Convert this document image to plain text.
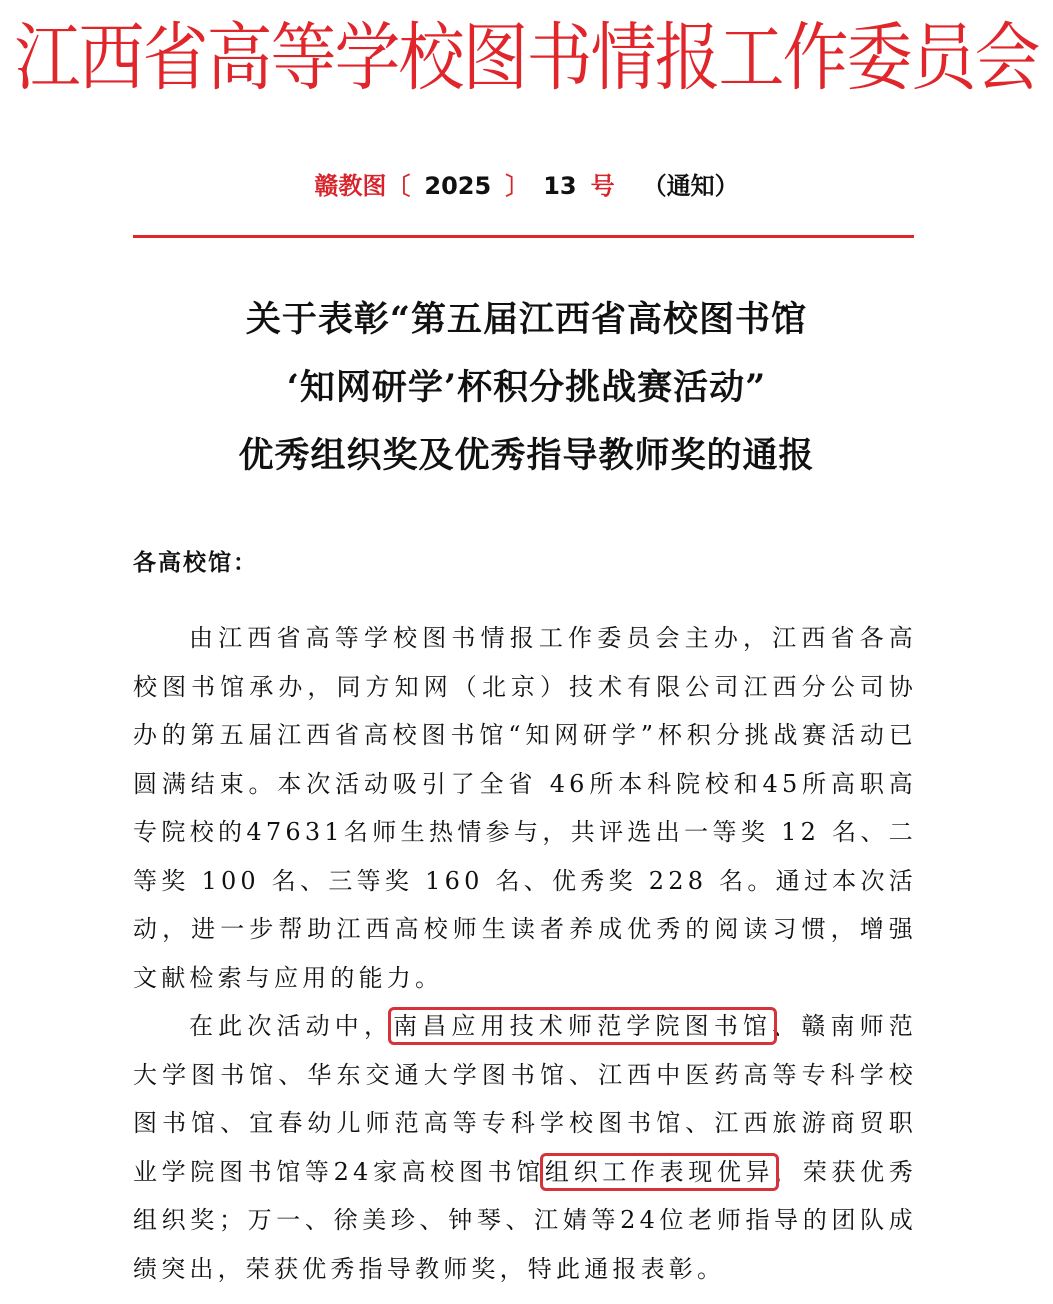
江西省高等学校图书情报工作委员会
赣教图〔 2025 〕 13 号 （通知）
关于表彰“第五届江西省高校图书馆
‘知网研学’杯积分挑战赛活动”
优秀组织奖及优秀指导教师奖的通报
各高校馆：

由江西省高等学校图书情报工作委员会主办，江西省各高校图书馆承办，同方知网（北京）技术有限公司江西分公司协办的第五届江西省高校图书馆“知网研学”杯积分挑战赛活动已圆满结束。本次活动吸引了全省 46所本科院校和45所高职高专院校的47631名师生热情参与，共评选出一等奖 12 名、二等奖 100 名、三等奖 160 名、优秀奖 228 名。通过本次活动，进一步帮助江西高校师生读者养成优秀的阅读习惯，增强文献检索与应用的能力。

在此次活动中，南昌应用技术师范学院图书馆、赣南师范大学图书馆、华东交通大学图书馆、江西中医药高等专科学校图书馆、宜春幼儿师范高等专科学校图书馆、江西旅游商贸职业学院图书馆等24家高校图书馆组织工作表现优异，荣获优秀组织奖；万一、徐美珍、钟琴、江婧等24位老师指导的团队成绩突出，荣获优秀指导教师奖，特此通报表彰。
